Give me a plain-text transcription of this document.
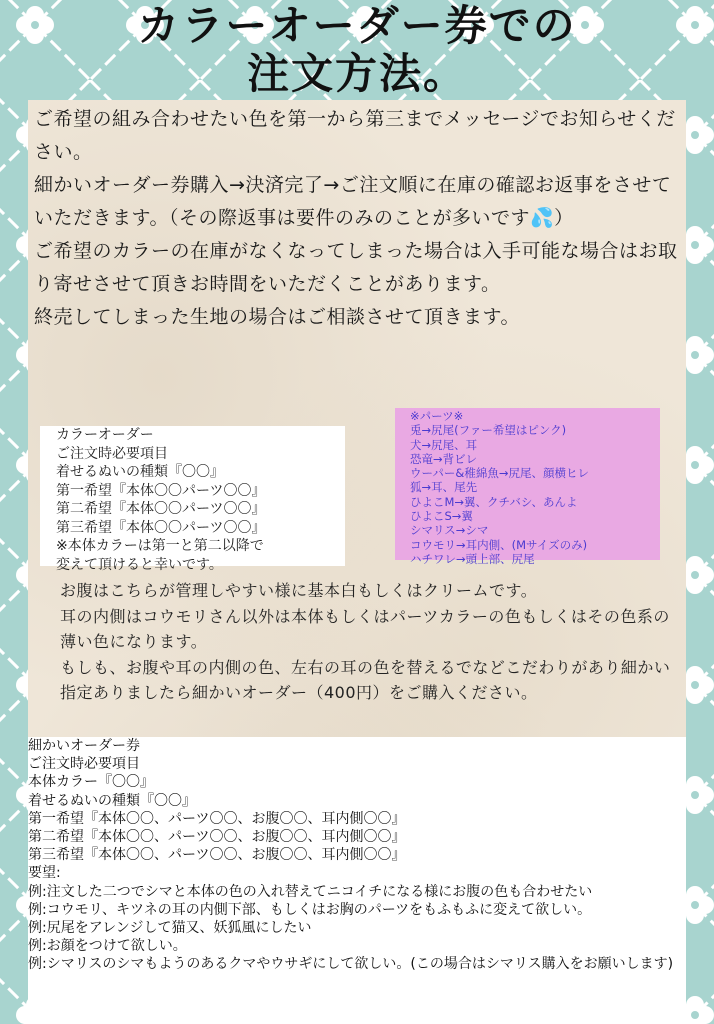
カラーオーダー券での
注文方法。

ご希望の組み合わせたい色を第一から第三までメッセージでお知らせください。

細かいオーダー券購入→決済完了→ご注文順に在庫の確認お返事をさせていただきます。（その際返事は要件のみのことが多いです💦）

ご希望のカラーの在庫がなくなってしまった場合は入手可能な場合はお取り寄せさせて頂きお時間をいただくことがあります。

終売してしまった生地の場合はご相談させて頂きます。

カラーオーダー
ご注文時必要項目
着せるぬいの種類『〇〇』
第一希望『本体〇〇パーツ〇〇』
第二希望『本体〇〇パーツ〇〇』
第三希望『本体〇〇パーツ〇〇』
※本体カラーは第一と第二以降で
変えて頂けると幸いです。
※パーツ※
兎→尻尾(ファー希望はピンク)
犬→尻尾、耳
恐竜→背ビレ
ウーパー&稚綿魚→尻尾、顔横ヒレ
狐→耳、尾先
ひよこM→翼、クチバシ、あんよ
ひよこS→翼
シマリス→シマ
コウモリ→耳内側、(Mサイズのみ)
ハチワレ→頭上部、尻尾

お腹はこちらが管理しやすい様に基本白もしくはクリームです。

耳の内側はコウモリさん以外は本体もしくはパーツカラーの色もしくはその色系の薄い色になります。

もしも、お腹や耳の内側の色、左右の耳の色を替えるでなどこだわりがあり細かい指定ありましたら細かいオーダー（400円）をご購入ください。

細かいオーダー券
ご注文時必要項目
本体カラー『〇〇』
着せるぬいの種類『〇〇』
第一希望『本体〇〇、パーツ〇〇、お腹〇〇、耳内側〇〇』
第二希望『本体〇〇、パーツ〇〇、お腹〇〇、耳内側〇〇』
第三希望『本体〇〇、パーツ〇〇、お腹〇〇、耳内側〇〇』
要望:
例:注文した二つでシマと本体の色の入れ替えてニコイチになる様にお腹の色も合わせたい
例:コウモリ、キツネの耳の内側下部、もしくはお胸のパーツをもふもふに変えて欲しい。
例:尻尾をアレンジして猫又、妖狐風にしたい
例:お顔をつけて欲しい。
例:シマリスのシマもようのあるクマやウサギにして欲しい。(この場合はシマリス購入をお願いします)
